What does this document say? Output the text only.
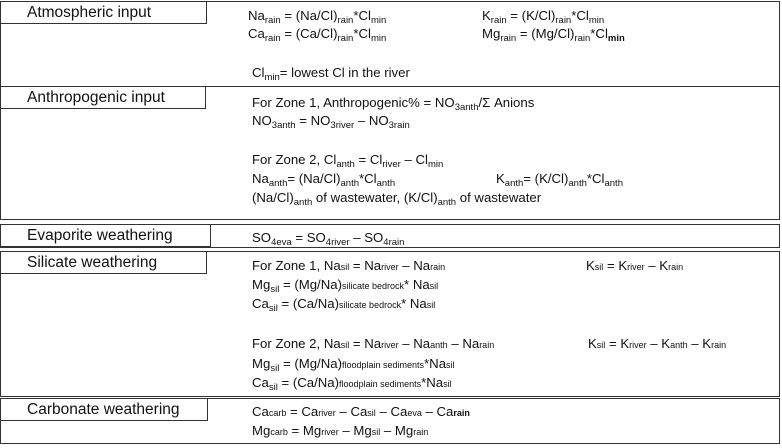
Atmospheric input	$Na_{rain} = (Na/Cl)_{rain}*Cl_{min}$	$K_{rain} = (K/Cl)_{rain}*Cl_{min}$
$Ca_{rain} = (Ca/Cl)_{rain}*Cl_{min}$	$Mg_{rain} = (Mg/Cl)_{rain}*Cl_{min}$
$Cl_{min}=$ lowest Cl in the river
Anthropogenic input	For Zone 1, Anthropogenic% = $NO_{3anth}/\Sigma$ Anions
$NO_{3anth} = NO_{3river} - NO_{3rain}$
For Zone 2, $Cl_{anth} = Cl_{river} - Cl_{min}$
$Na_{anth}= (Na/Cl)_{anth}*Cl_{anth}$	$K_{anth}= (K/Cl)_{anth}*Cl_{anth}$
$(Na/Cl)_{anth}$ of wastewater, $(K/Cl)_{anth}$ of wastewater
Evaporite weathering	$SO_{4eva} = SO_{4river} - SO_{4rain}$
Silicate weathering	For Zone 1, Nasil = Nariver – Narain	Ksil = Kriver – Krain
$Mg_{sil}$ = (Mg/Na)silicate bedrock* Nasil
$Ca_{sil}$ = (Ca/Na)silicate bedrock* Nasil
For Zone 2, Nasil = Nariver – Naanth – Narain	Ksil = Kriver – Kanth – Krain
$Mg_{sil}$ = (Mg/Na)floodplain sediments*Nasil
$Ca_{sil}$ = (Ca/Na)floodplain sediments*Nasil
Carbonate weathering	Cacarb = Cariver – Casil – Caeva – Carain
Mgcarb = Mgriver – Mgsil – Mgrain
